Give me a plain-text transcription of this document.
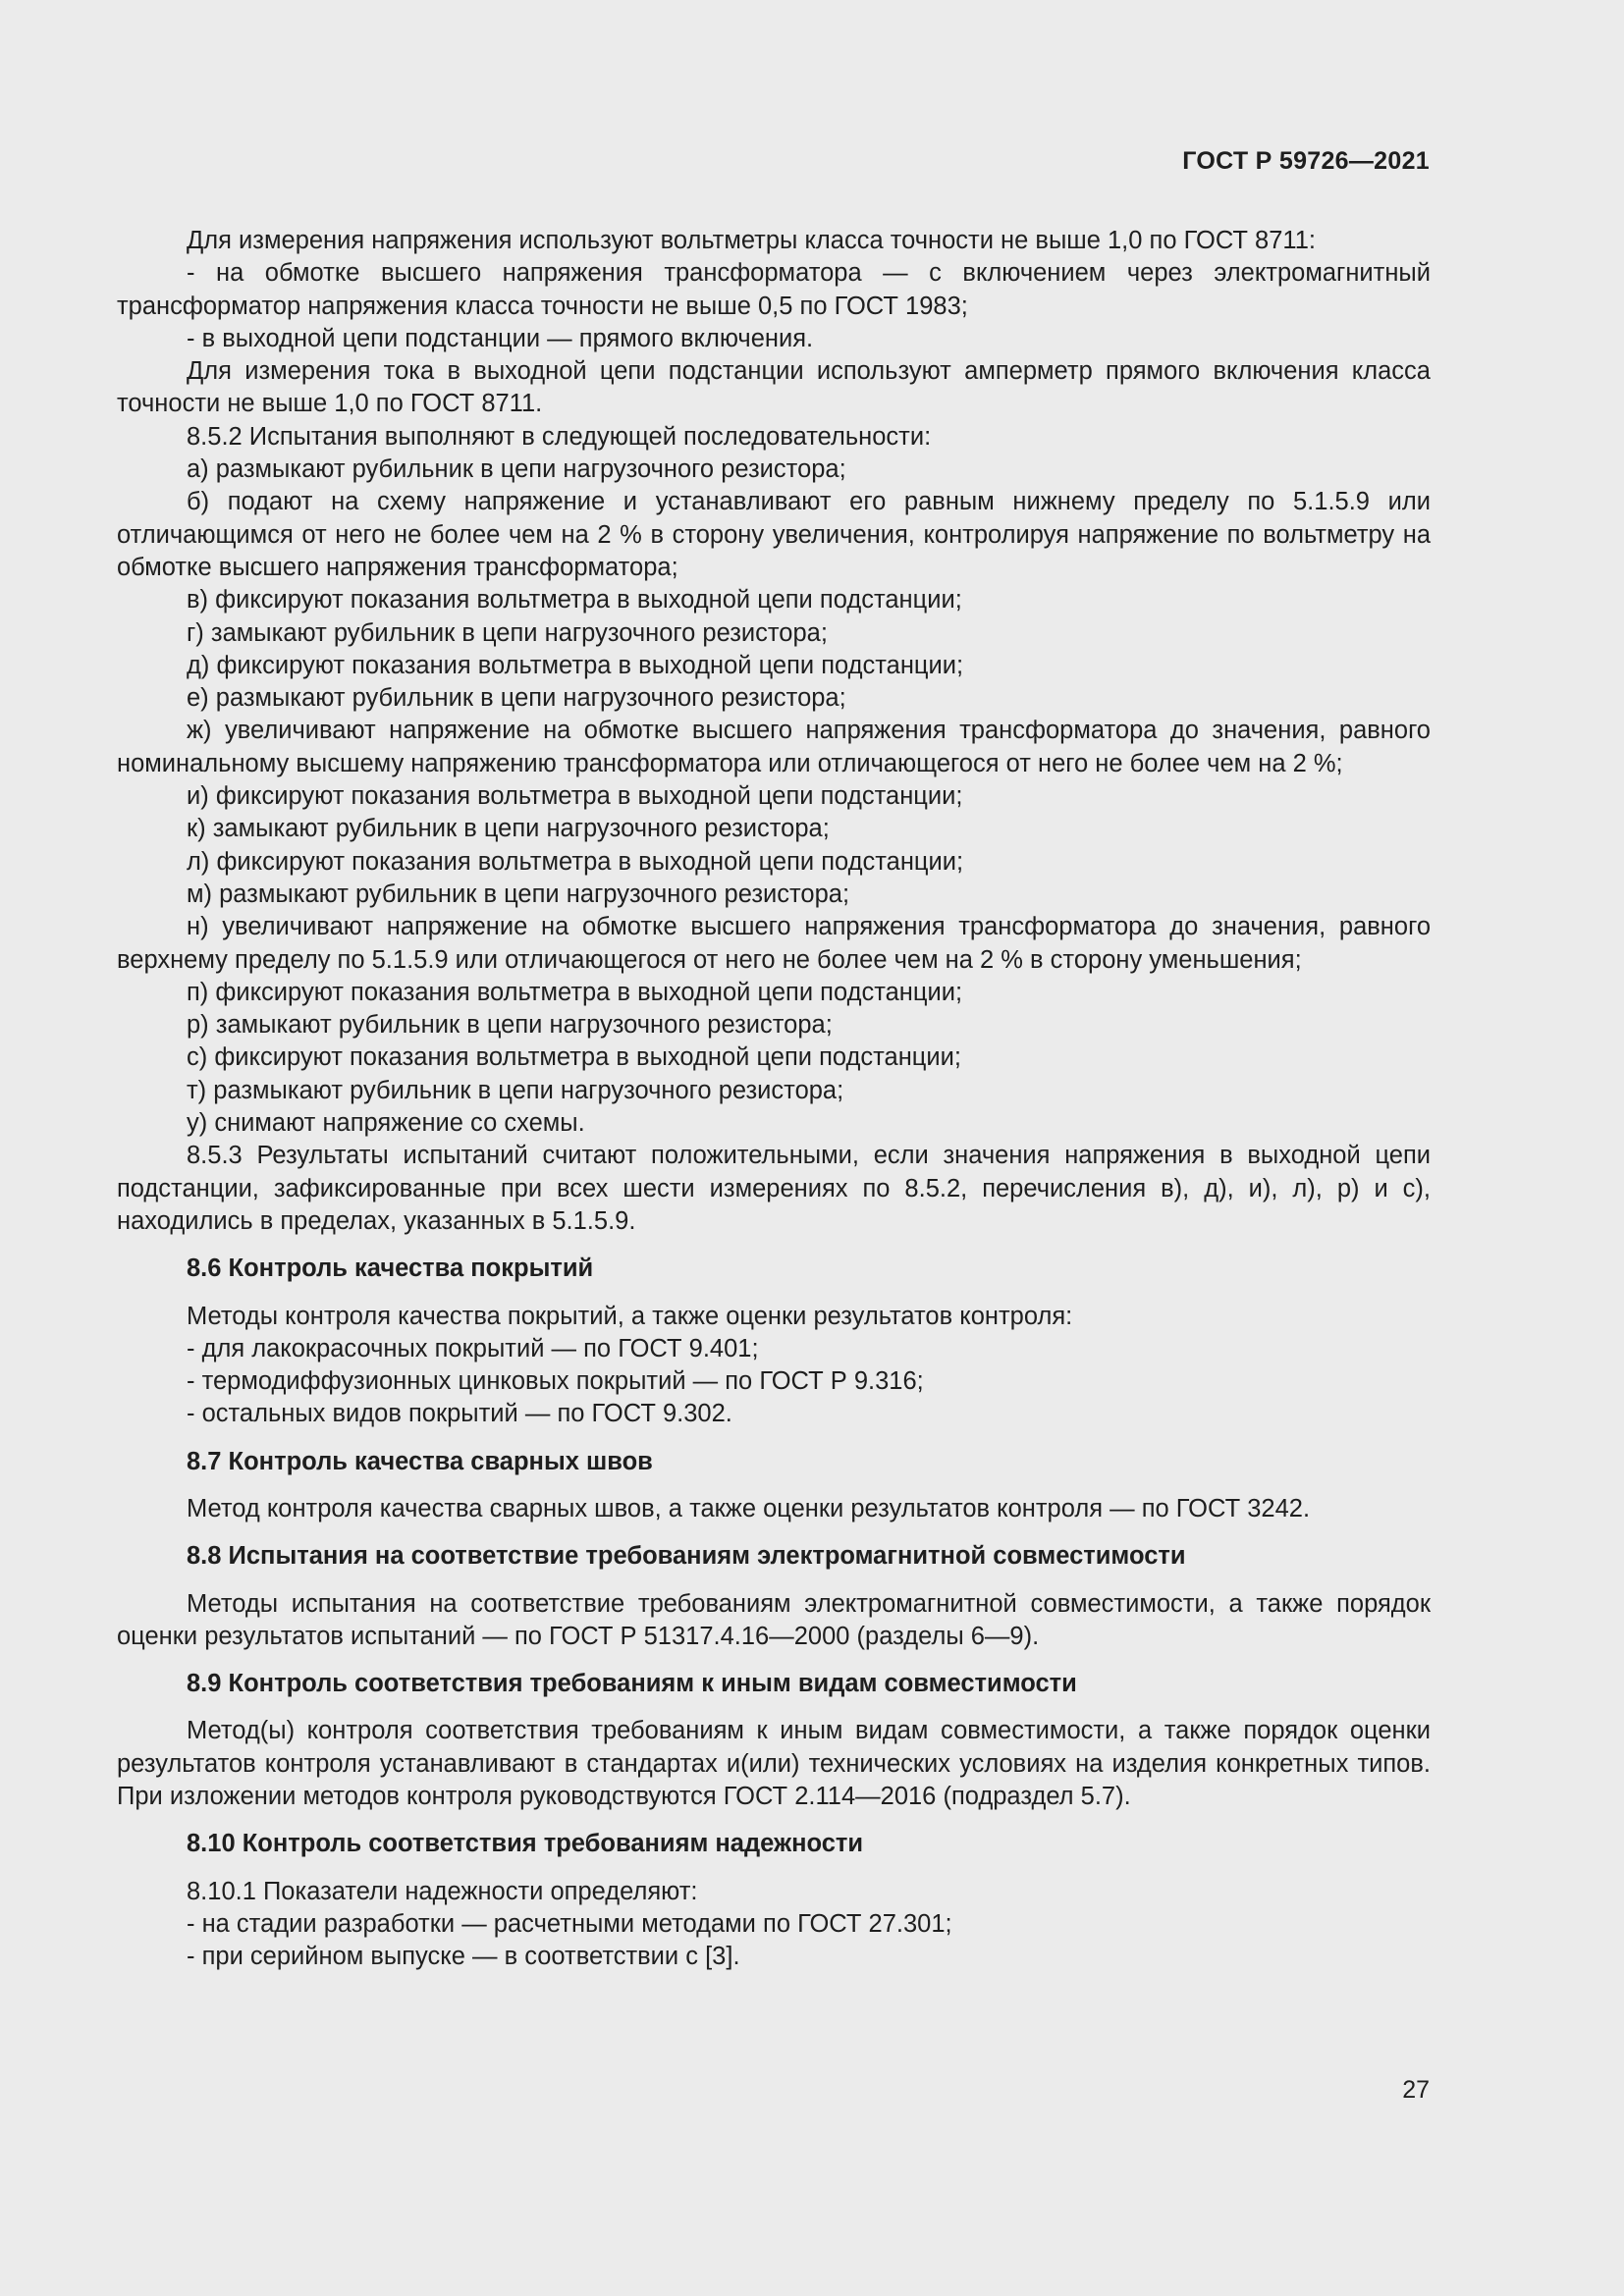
ГОСТ Р 59726—2021

Для измерения напряжения используют вольтметры класса точности не выше 1,0 по ГОСТ 8711:

- на обмотке высшего напряжения трансформатора — с включением через электромагнитный трансформатор напряжения класса точности не выше 0,5 по ГОСТ 1983;

- в выходной цепи подстанции — прямого включения.

Для измерения тока в выходной цепи подстанции используют амперметр прямого включения класса точности не выше 1,0 по ГОСТ 8711.

8.5.2 Испытания выполняют в следующей последовательности:

а) размыкают рубильник в цепи нагрузочного резистора;

б) подают на схему напряжение и устанавливают его равным нижнему пределу по 5.1.5.9 или отличающимся от него не более чем на 2 % в сторону увеличения, контролируя напряжение по вольтметру на обмотке высшего напряжения трансформатора;

в) фиксируют показания вольтметра в выходной цепи подстанции;

г) замыкают рубильник в цепи нагрузочного резистора;

д) фиксируют показания вольтметра в выходной цепи подстанции;

е) размыкают рубильник в цепи нагрузочного резистора;

ж) увеличивают напряжение на обмотке высшего напряжения трансформатора до значения, равного номинальному высшему напряжению трансформатора или отличающегося от него не более чем на 2 %;

и) фиксируют показания вольтметра в выходной цепи подстанции;

к) замыкают рубильник в цепи нагрузочного резистора;

л) фиксируют показания вольтметра в выходной цепи подстанции;

м) размыкают рубильник в цепи нагрузочного резистора;

н) увеличивают напряжение на обмотке высшего напряжения трансформатора до значения, равного верхнему пределу по 5.1.5.9 или отличающегося от него не более чем на 2 % в сторону уменьшения;

п) фиксируют показания вольтметра в выходной цепи подстанции;

р) замыкают рубильник в цепи нагрузочного резистора;

с) фиксируют показания вольтметра в выходной цепи подстанции;

т) размыкают рубильник в цепи нагрузочного резистора;

у) снимают напряжение со схемы.

8.5.3 Результаты испытаний считают положительными, если значения напряжения в выходной цепи подстанции, зафиксированные при всех шести измерениях по 8.5.2, перечисления в), д), и), л), р) и с), находились в пределах, указанных в 5.1.5.9.

8.6 Контроль качества покрытий

Методы контроля качества покрытий, а также оценки результатов контроля:

- для лакокрасочных покрытий — по ГОСТ 9.401;

- термодиффузионных цинковых покрытий — по ГОСТ Р 9.316;

- остальных видов покрытий — по ГОСТ 9.302.

8.7 Контроль качества сварных швов

Метод контроля качества сварных швов, а также оценки результатов контроля — по ГОСТ 3242.

8.8 Испытания на соответствие требованиям электромагнитной совместимости

Методы испытания на соответствие требованиям электромагнитной совместимости, а также порядок оценки результатов испытаний — по ГОСТ Р 51317.4.16—2000 (разделы 6—9).

8.9 Контроль соответствия требованиям к иным видам совместимости

Метод(ы) контроля соответствия требованиям к иным видам совместимости, а также порядок оценки результатов контроля устанавливают в стандартах и(или) технических условиях на изделия конкретных типов. При изложении методов контроля руководствуются ГОСТ 2.114—2016 (подраздел 5.7).

8.10 Контроль соответствия требованиям надежности

8.10.1 Показатели надежности определяют:

- на стадии разработки — расчетными методами по ГОСТ 27.301;

- при серийном выпуске — в соответствии с [3].

27
